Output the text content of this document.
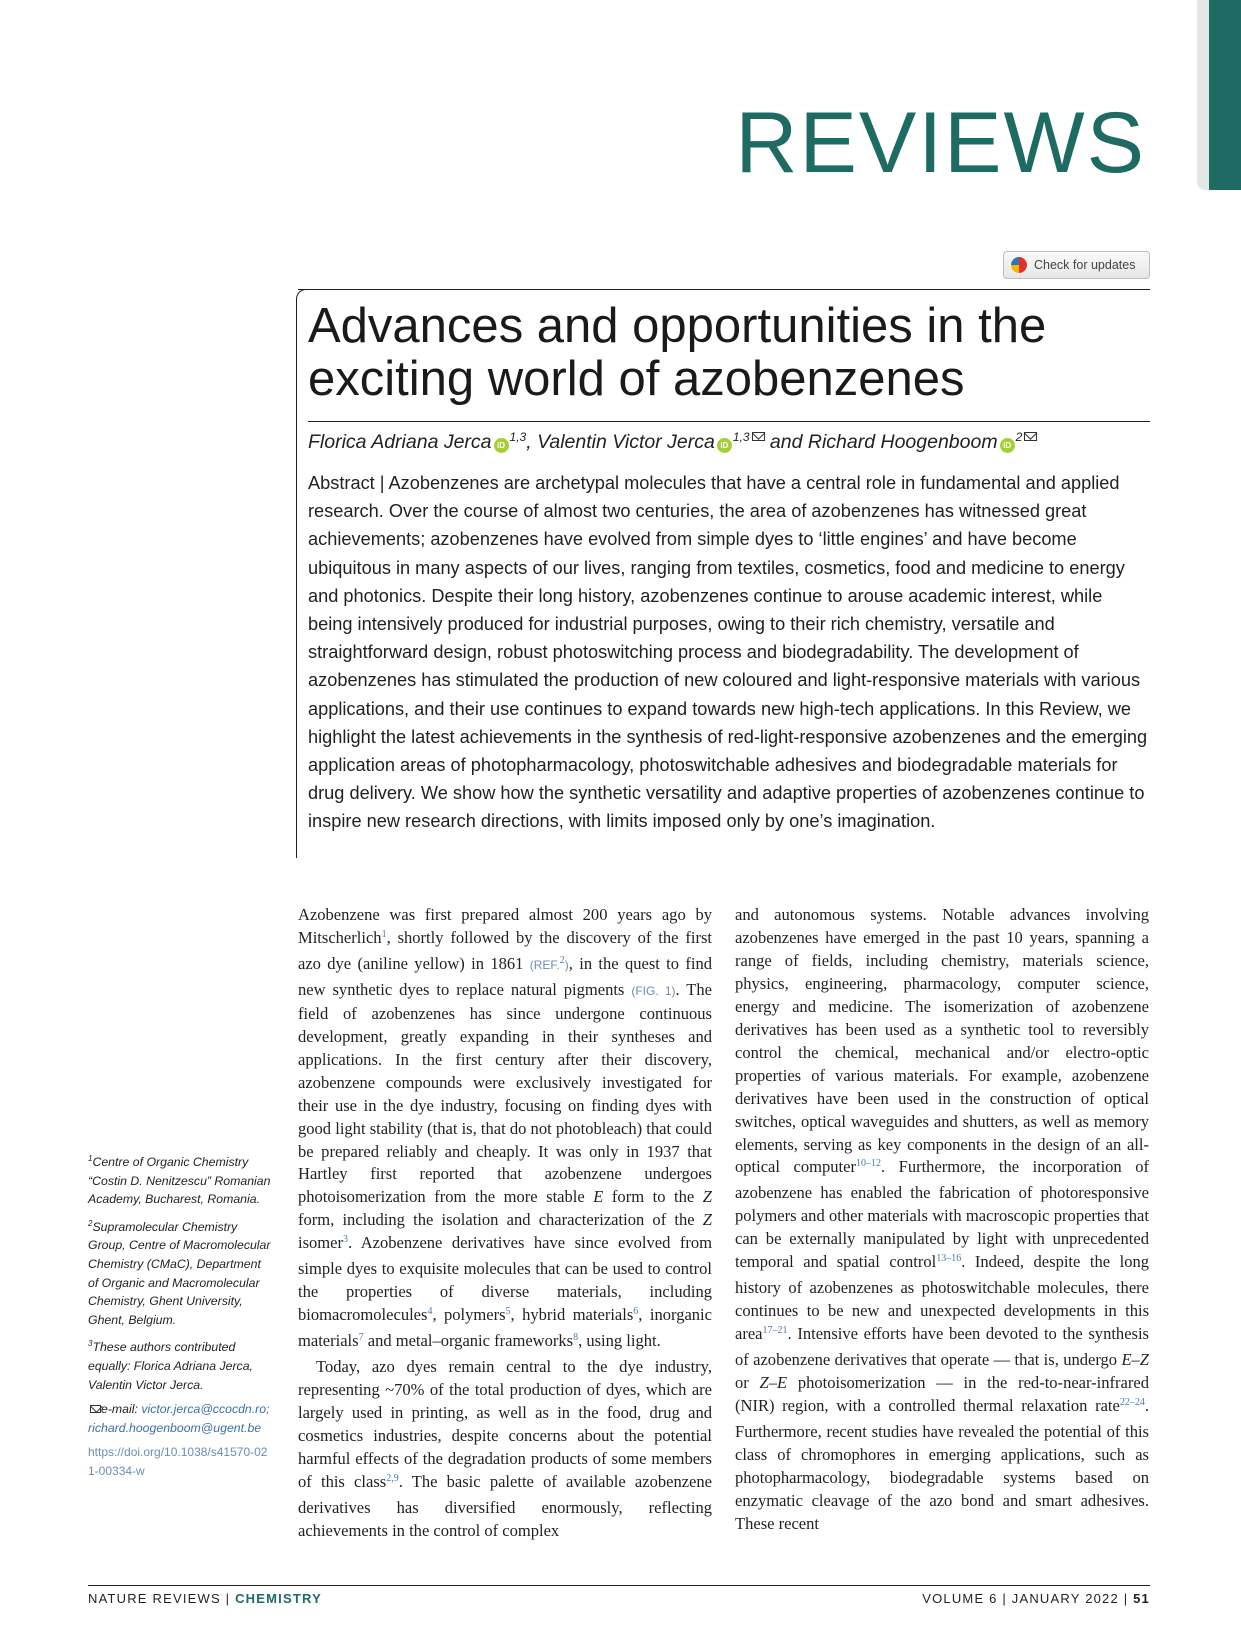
REVIEWS
Check for updates
Advances and opportunities in the exciting world of azobenzenes
Florica Adriana Jerca iD$^{1,3}$, Valentin Victor Jerca iD$^{1,3}$ and Richard Hoogenboom $iD^2$

Abstract | Azobenzenes are archetypal molecules that have a central role in fundamental and applied research. Over the course of almost two centuries, the area of azobenzenes has witnessed great achievements; azobenzenes have evolved from simple dyes to ‘little engines’ and have become ubiquitous in many aspects of our lives, ranging from textiles, cosmetics, food and medicine to energy and photonics. Despite their long history, azobenzenes continue to arouse academic interest, while being intensively produced for industrial purposes, owing to their rich chemistry, versatile and straightforward design, robust photoswitching process and biodegradability. The development of azobenzenes has stimulated the production of new coloured and light-responsive materials with various applications, and their use continues to expand towards new high-tech applications. In this Review, we highlight the latest achievements in the synthesis of red-light-responsive azobenzenes and the emerging application areas of photopharmacology, photoswitchable adhesives and biodegradable materials for drug delivery. We show how the synthetic versatility and adaptive properties of azobenzenes continue to inspire new research directions, with limits imposed only by one’s imagination.

$^1$Centre of Organic Chemistry “Costin D. Nenitzescu” Romanian Academy, Bucharest, Romania.

$^2$Supramolecular Chemistry Group, Centre of Macromolecular Chemistry (CMaC), Department of Organic and Macromolecular Chemistry, Ghent University, Ghent, Belgium.

$^3$These authors contributed equally: Florica Adriana Jerca, Valentin Victor Jerca.

e-mail: victor.jerca@ccocdn.ro; richard.hoogenboom@ugent.be

https://doi.org/10.1038/s41570-021-00334-w

Azobenzene was first prepared almost 200 years ago by Mitscherlich$^1$, shortly followed by the discovery of the first azo dye (aniline yellow) in 1861 (REF.$^2$), in the quest to find new synthetic dyes to replace natural pigments (FIG. 1). The field of azobenzenes has since undergone continuous development, greatly expanding in their syntheses and applications. In the first century after their discovery, azobenzene compounds were exclusively investigated for their use in the dye industry, focusing on finding dyes with good light stability (that is, that do not photobleach) that could be prepared reliably and cheaply. It was only in 1937 that Hartley first reported that azobenzene undergoes photoisomerization from the more stable E form to the Z form, including the isolation and characterization of the Z isomer$^3$. Azobenzene derivatives have since evolved from simple dyes to exquisite molecules that can be used to control the properties of diverse materials, including biomacromolecules$^4$, polymers$^5$, hybrid materials$^6$, inorganic materials$^7$ and metal–organic frameworks$^8$, using light.

Today, azo dyes remain central to the dye industry, representing ~70% of the total production of dyes, which are largely used in printing, as well as in the food, drug and cosmetics industries, despite concerns about the potential harmful effects of the degradation products of some members of this class$^{2,9}$. The basic palette of available azobenzene derivatives has diversified enormously, reflecting achievements in the control of complex

and autonomous systems. Notable advances involving azobenzenes have emerged in the past 10 years, spanning a range of fields, including chemistry, materials science, physics, engineering, pharmacology, computer science, energy and medicine. The isomerization of azobenzene derivatives has been used as a synthetic tool to reversibly control the chemical, mechanical and/or electro-optic properties of various materials. For example, azobenzene derivatives have been used in the construction of optical switches, optical waveguides and shutters, as well as memory elements, serving as key components in the design of an all-optical computer$^{10-12}$. Furthermore, the incorporation of azobenzene has enabled the fabrication of photoresponsive polymers and other materials with macroscopic properties that can be externally manipulated by light with unprecedented temporal and spatial control$^{13-16}$. Indeed, despite the long history of azobenzenes as photoswitchable molecules, there continues to be new and unexpected developments in this area$^{17-21}$. Intensive efforts have been devoted to the synthesis of azobenzene derivatives that operate — that is, undergo E–Z or Z–E photoisomerization — in the red-to-near-infrared (NIR) region, with a controlled thermal relaxation rate$^{22-24}$. Furthermore, recent studies have revealed the potential of this class of chromophores in emerging applications, such as photopharmacology, biodegradable systems based on enzymatic cleavage of the azo bond and smart adhesives. These recent

NATURE REVIEWS | CHEMISTRY	VOLUME 6 | JANUARY 2022 | 51
